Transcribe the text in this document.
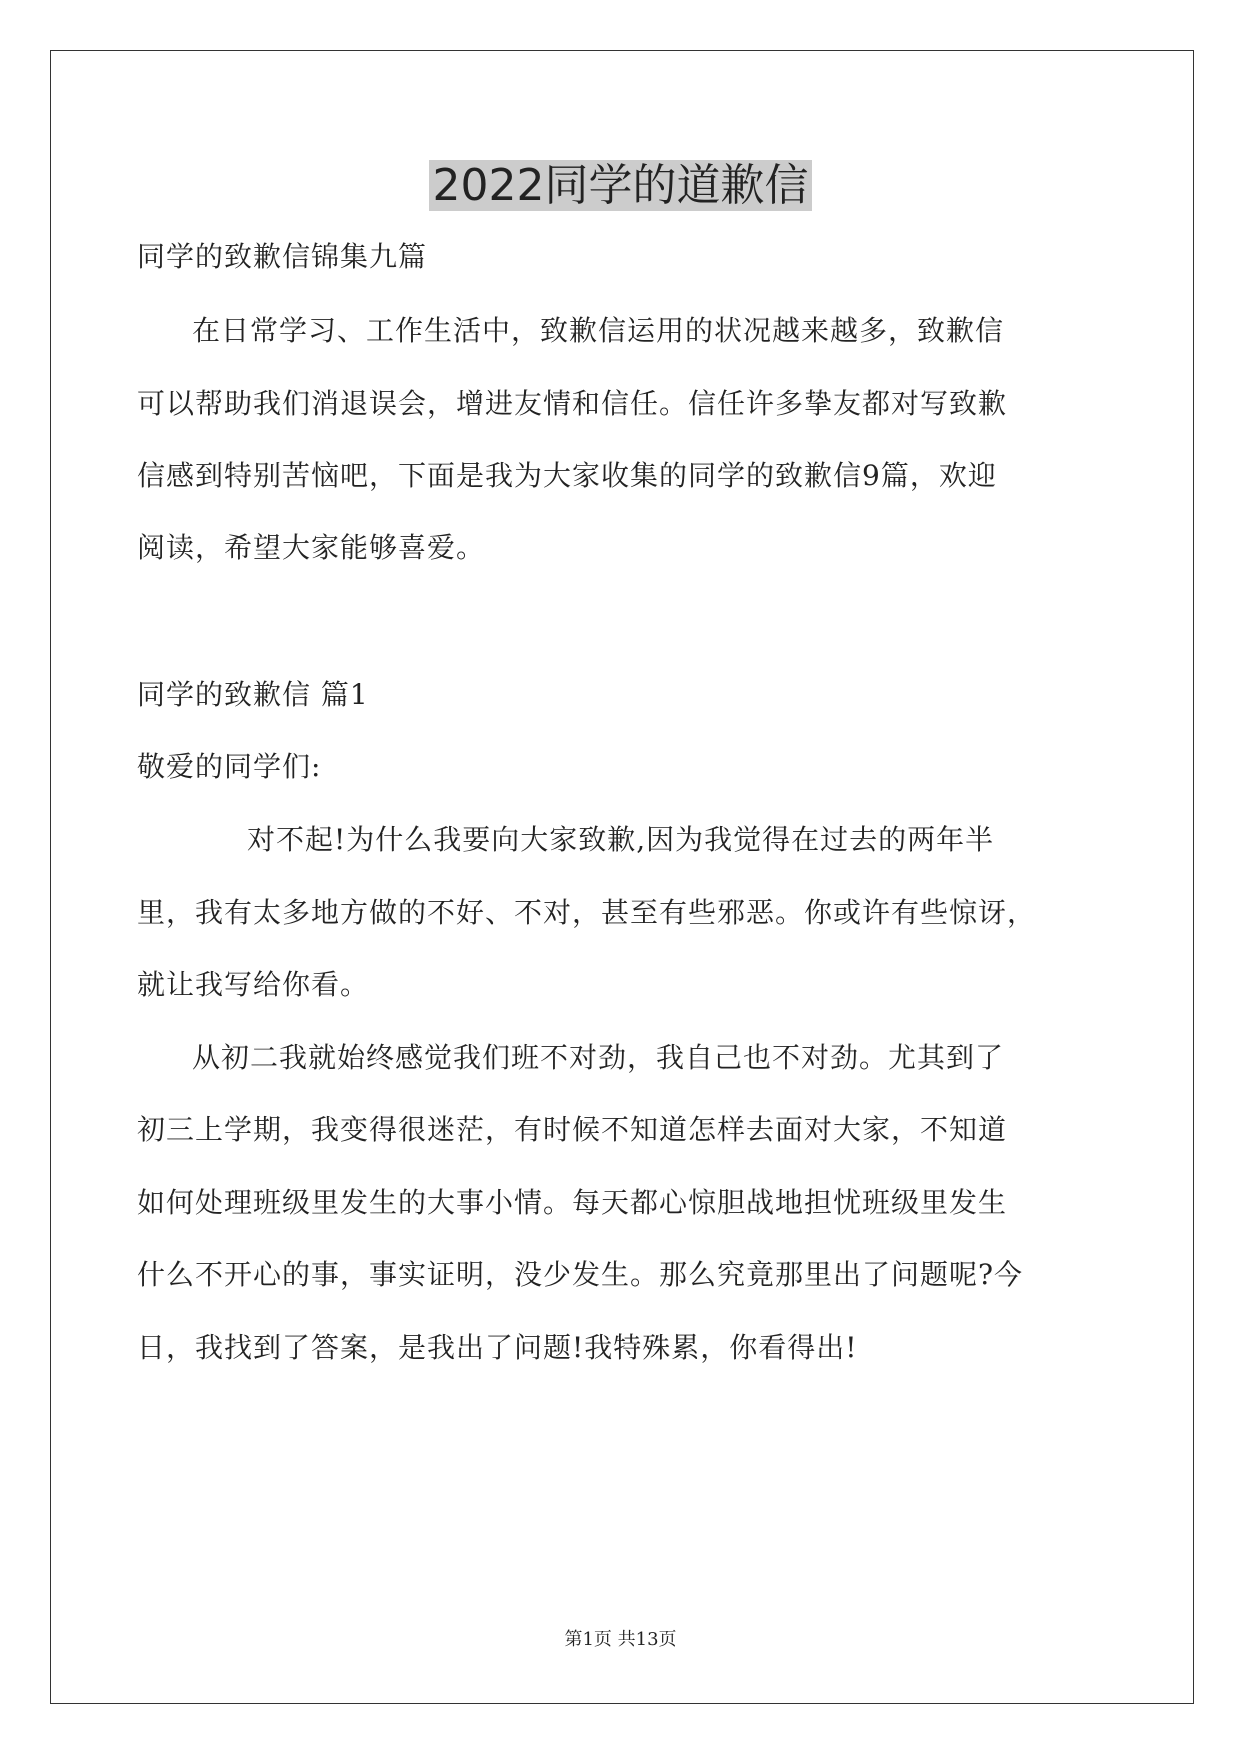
2022同学的道歉信
同学的致歉信锦集九篇
在日常学习、工作生活中，致歉信运用的状况越来越多，致歉信
可以帮助我们消退误会，增进友情和信任。信任许多挚友都对写致歉
信感到特别苦恼吧，下面是我为大家收集的同学的致歉信9篇，欢迎
阅读，希望大家能够喜爱。
同学的致歉信 篇1
敬爱的同学们:
对不起!为什么我要向大家致歉,因为我觉得在过去的两年半
里，我有太多地方做的不好、不对，甚至有些邪恶。你或许有些惊讶，
就让我写给你看。
从初二我就始终感觉我们班不对劲，我自己也不对劲。尤其到了
初三上学期，我变得很迷茫，有时候不知道怎样去面对大家，不知道
如何处理班级里发生的大事小情。每天都心惊胆战地担忧班级里发生
什么不开心的事，事实证明，没少发生。那么究竟那里出了问题呢?今
日，我找到了答案，是我出了问题!我特殊累，你看得出!
第1页 共13页
